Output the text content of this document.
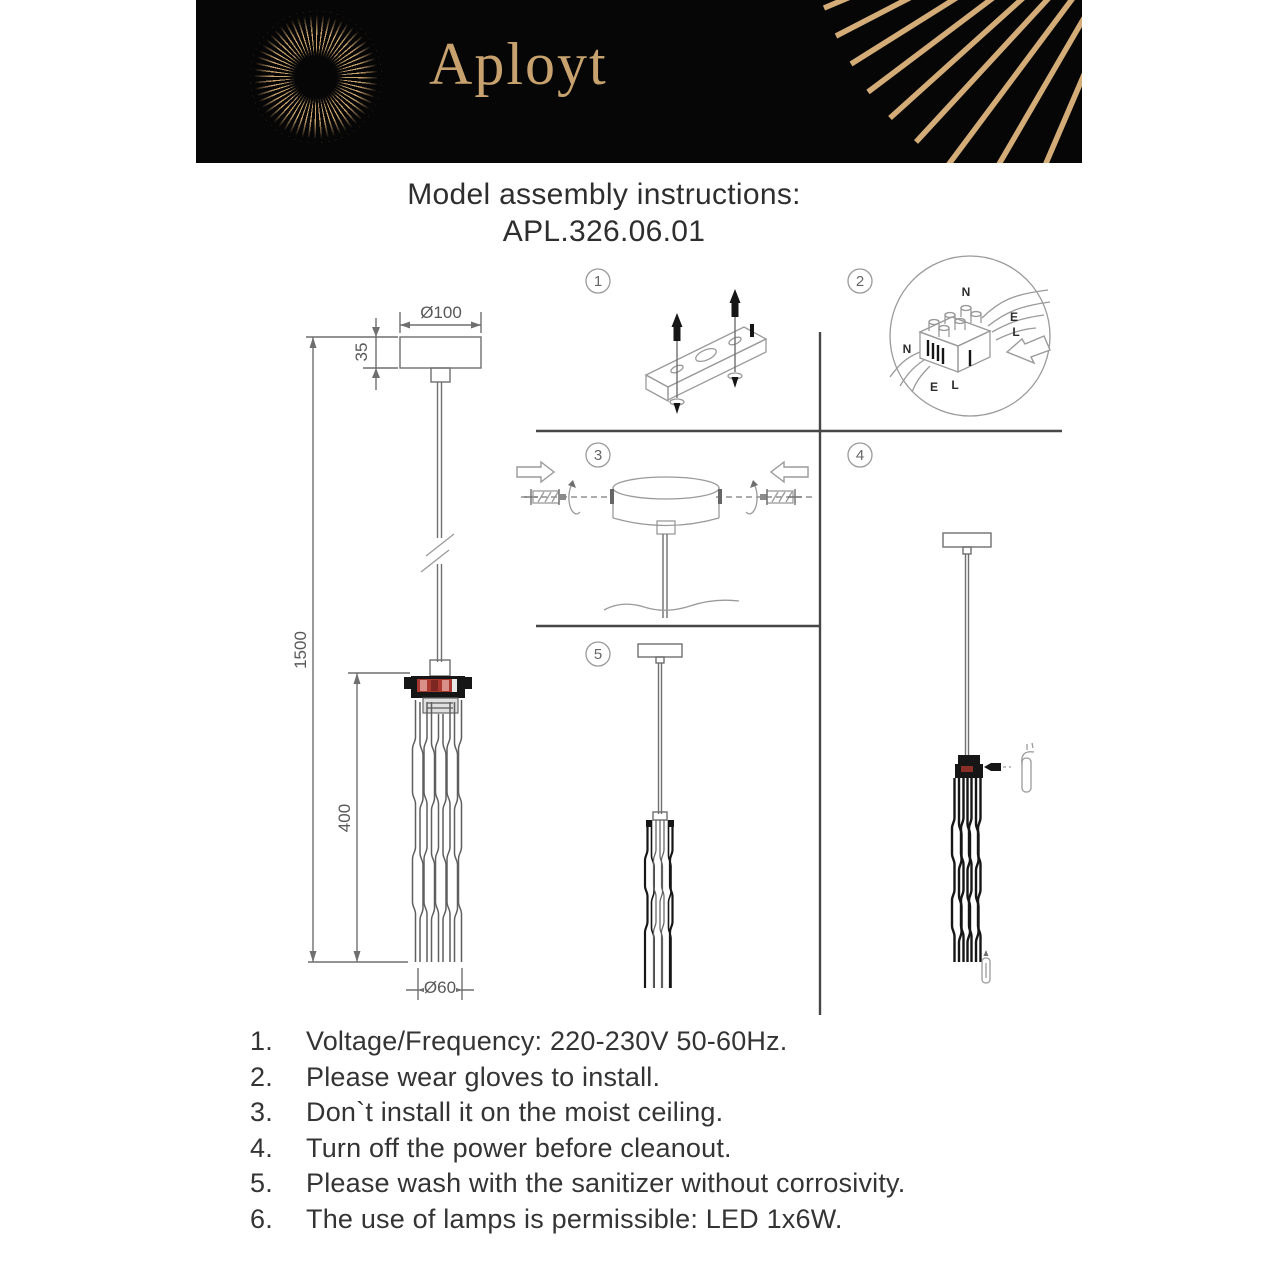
Aployt
Model assembly instructions:
APL.326.06.01
Ø100
35
1500
400
Ø60
1	2
3	4
5
N
E
L
N
E L
1.	Voltage/Frequency: 220-230V 50-60Hz.
2.	Please wear gloves to install.
3.	Don`t install it on the moist ceiling.
4.	Turn off the power before cleanout.
5.	Please wash with the sanitizer without corrosivity.
6.	The use of lamps is permissible: LED 1x6W.
